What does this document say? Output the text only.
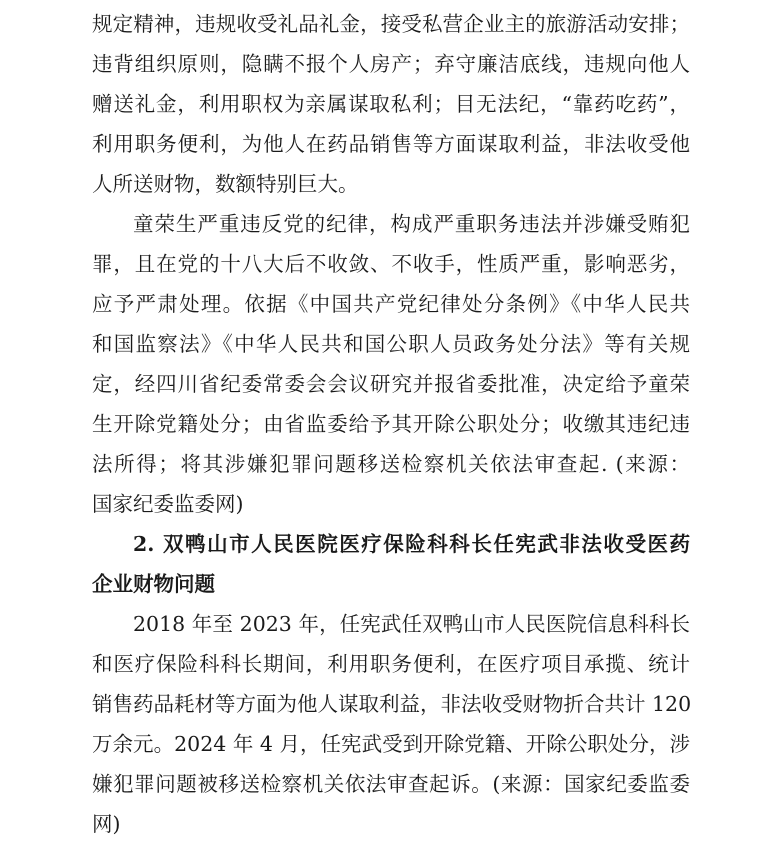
规定精神，违规收受礼品礼金，接受私营企业主的旅游活动安排；
违背组织原则，隐瞒不报个人房产；弃守廉洁底线，违规向他人
赠送礼金，利用职权为亲属谋取私利；目无法纪，“靠药吃药”，
利用职务便利，为他人在药品销售等方面谋取利益，非法收受他
人所送财物，数额特别巨大。
童荣生严重违反党的纪律，构成严重职务违法并涉嫌受贿犯
罪，且在党的十八大后不收敛、不收手，性质严重，影响恶劣，
应予严肃处理。依据《中国共产党纪律处分条例》《中华人民共
和国监察法》《中华人民共和国公职人员政务处分法》等有关规
定，经四川省纪委常委会会议研究并报省委批准，决定给予童荣
生开除党籍处分；由省监委给予其开除公职处分；收缴其违纪违
法所得；将其涉嫌犯罪问题移送检察机关依法审查起. (来源：
国家纪委监委网)
2. 双鸭山市人民医院医疗保险科科长任宪武非法收受医药
企业财物问题
2018 年至 2023 年，任宪武任双鸭山市人民医院信息科科长
和医疗保险科科长期间，利用职务便利，在医疗项目承揽、统计
销售药品耗材等方面为他人谋取利益，非法收受财物折合共计 120
万余元。2024 年 4 月，任宪武受到开除党籍、开除公职处分，涉
嫌犯罪问题被移送检察机关依法审查起诉。(来源：国家纪委监委
网)
